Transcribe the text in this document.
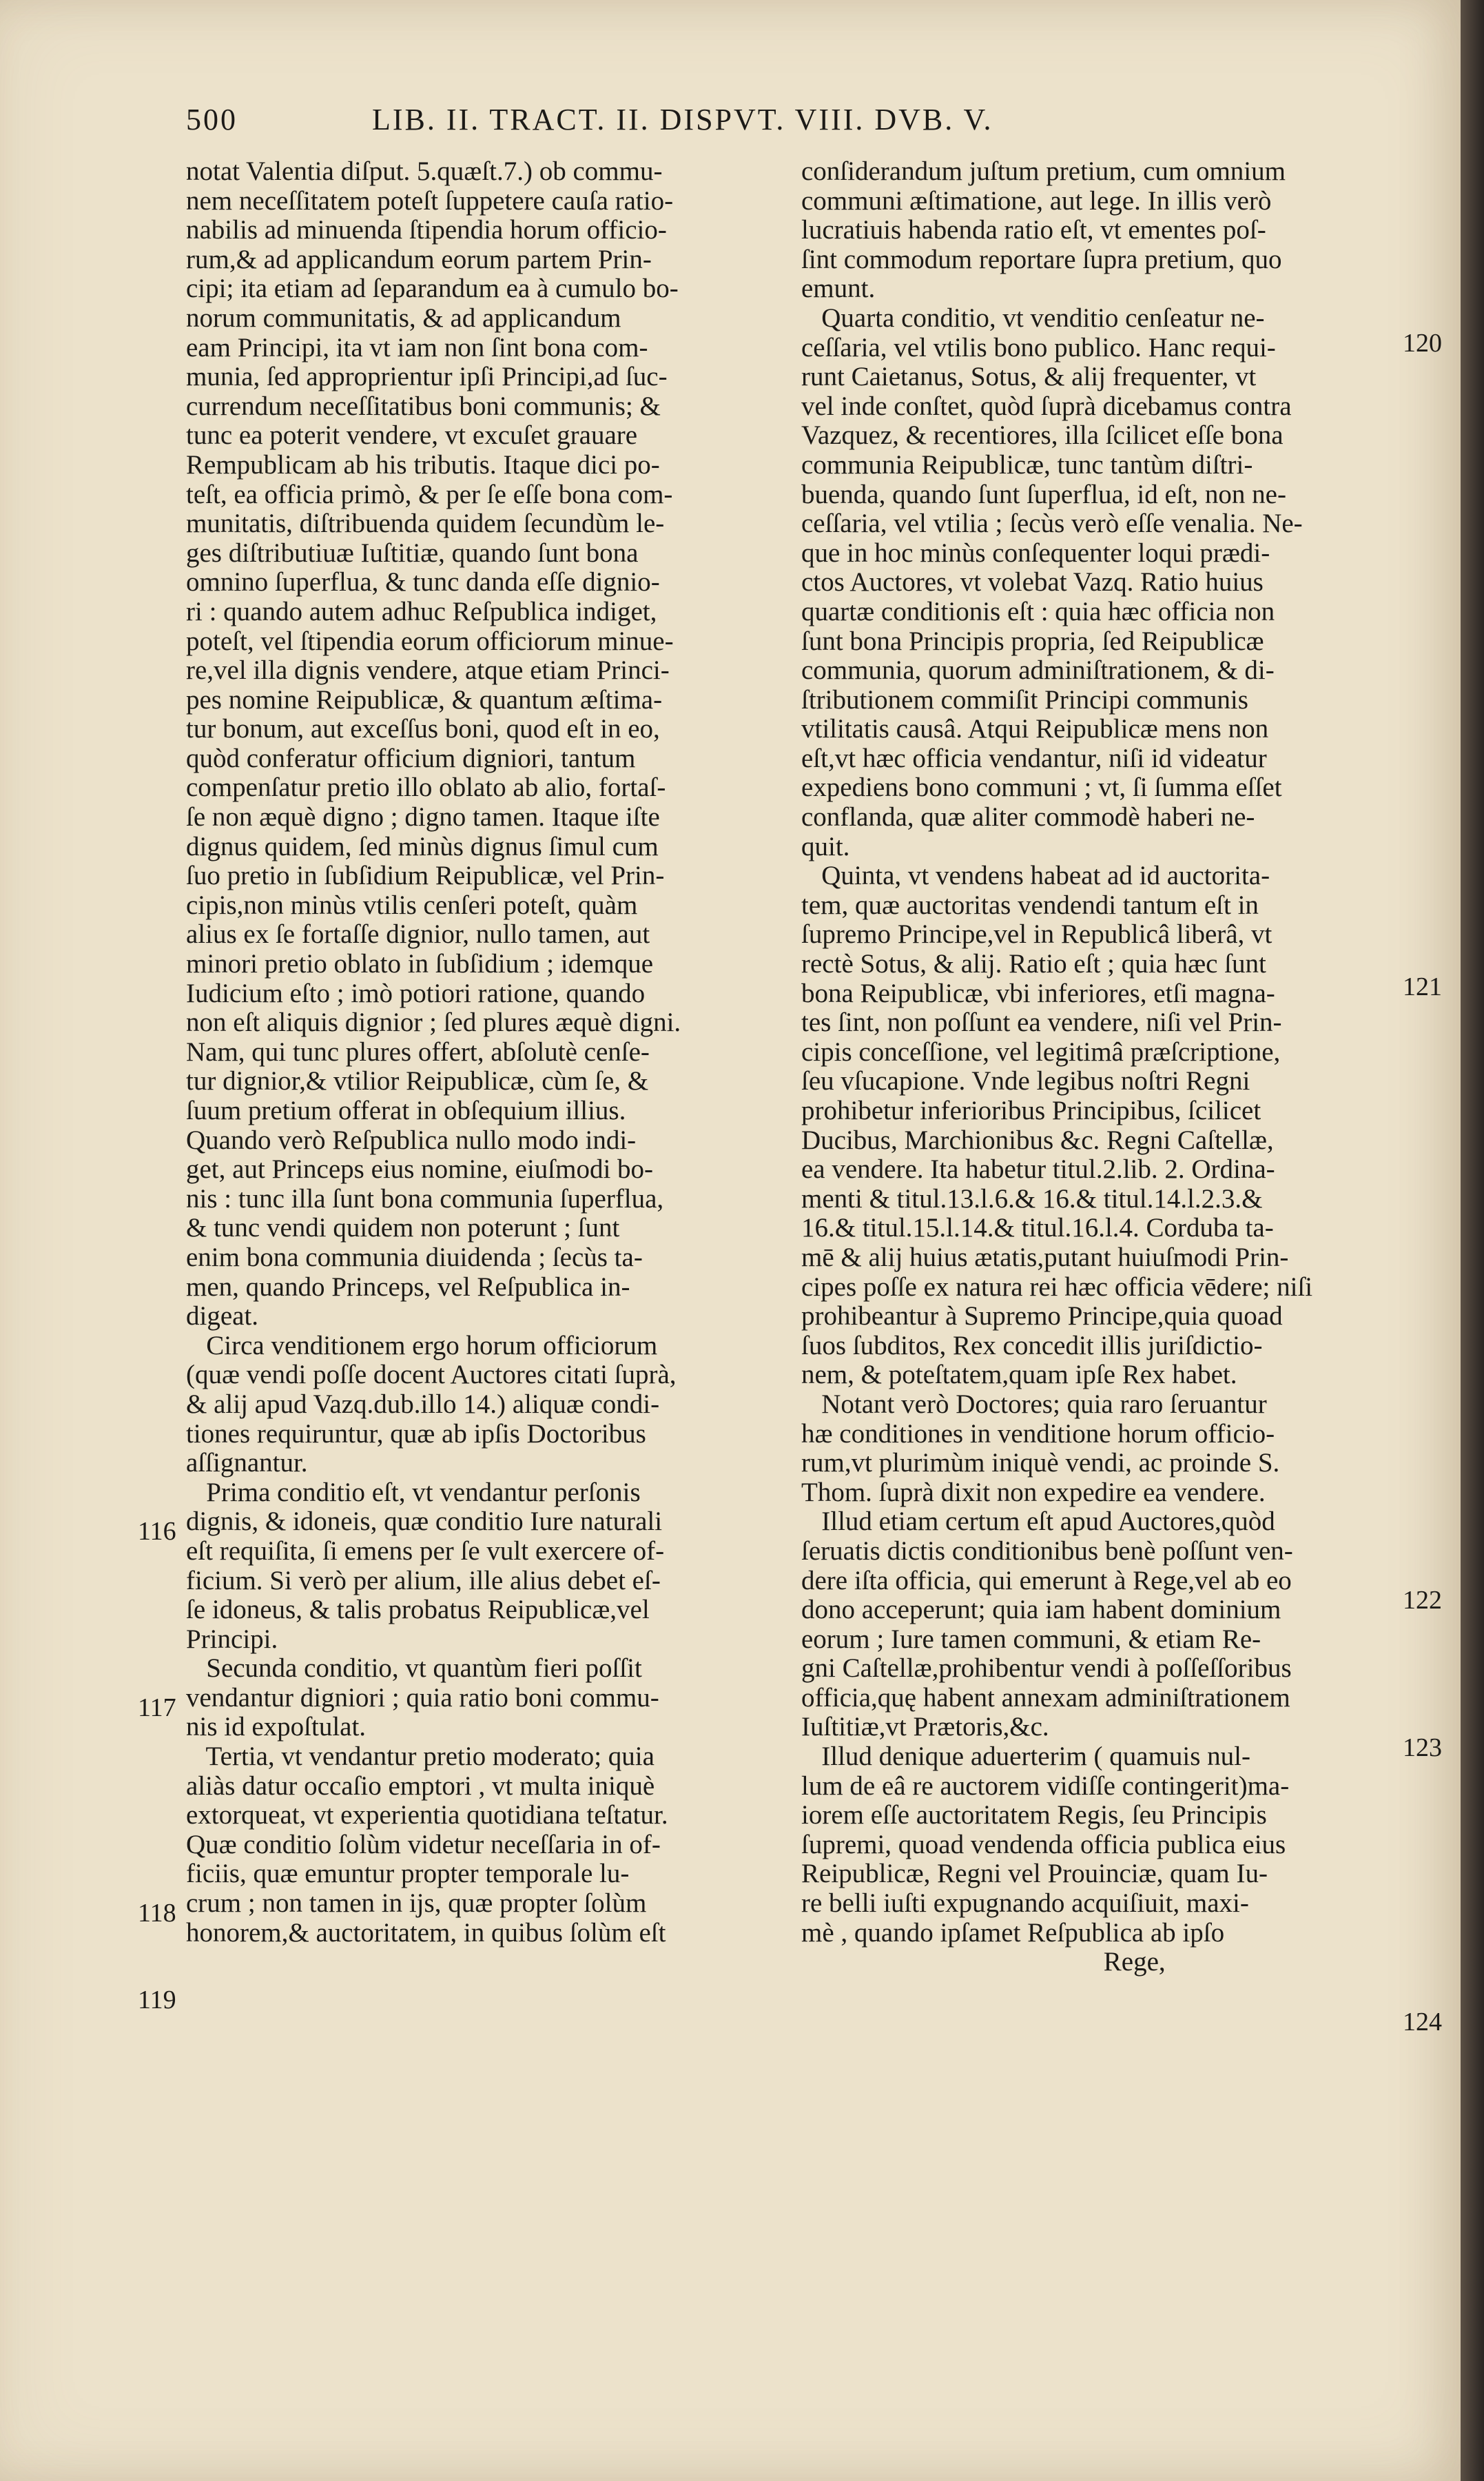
500	LIB. II. TRACT. II. DISPVT. VIII. DVB. V.
notat Valentia diſput. 5.quæſt.7.) ob commu-
nem neceſſitatem poteſt ſuppetere cauſa ratio-
nabilis ad minuenda ſtipendia horum officio-
rum,& ad applicandum eorum partem Prin-
cipi; ita etiam ad ſeparandum ea à cumulo bo-
norum communitatis, & ad applicandum
eam Principi, ita vt iam non ſint bona com-
munia, ſed approprientur ipſi Principi,ad ſuc-
currendum neceſſitatibus boni communis; &
tunc ea poterit vendere, vt excuſet grauare
Rempublicam ab his tributis. Itaque dici po-
teſt, ea officia primò, & per ſe eſſe bona com-
munitatis, diſtribuenda quidem ſecundùm le-
ges diſtributiuæ Iuſtitiæ, quando ſunt bona
omnino ſuperflua, & tunc danda eſſe dignio-
ri : quando autem adhuc Reſpublica indiget,
poteſt, vel ſtipendia eorum officiorum minue-
re,vel illa dignis vendere, atque etiam Princi-
pes nomine Reipublicæ, & quantum æſtima-
tur bonum, aut exceſſus boni, quod eſt in eo,
quòd conferatur officium digniori, tantum
compenſatur pretio illo oblato ab alio, fortaſ-
ſe non æquè digno ; digno tamen. Itaque iſte
dignus quidem, ſed minùs dignus ſimul cum
ſuo pretio in ſubſidium Reipublicæ, vel Prin-
cipis,non minùs vtilis cenſeri poteſt, quàm
alius ex ſe fortaſſe dignior, nullo tamen, aut
minori pretio oblato in ſubſidium ; idemque
Iudicium eſto ; imò potiori ratione, quando
non eſt aliquis dignior ; ſed plures æquè digni.
Nam, qui tunc plures offert, abſolutè cenſe-
tur dignior,& vtilior Reipublicæ, cùm ſe, &
ſuum pretium offerat in obſequium illius.
Quando verò Reſpublica nullo modo indi-
get, aut Princeps eius nomine, eiuſmodi bo-
nis : tunc illa ſunt bona communia ſuperflua,
& tunc vendi quidem non poterunt ; ſunt
enim bona communia diuidenda ; ſecùs ta-
men, quando Princeps, vel Reſpublica in-
digeat.
Circa venditionem ergo horum officiorum
(quæ vendi poſſe docent Auctores citati ſuprà,
& alij apud Vazq.dub.illo 14.) aliquæ condi-
tiones requiruntur, quæ ab ipſis Doctoribus
aſſignantur.
Prima conditio eſt, vt vendantur perſonis
dignis, & idoneis, quæ conditio Iure naturali
eſt requiſita, ſi emens per ſe vult exercere of-
ficium. Si verò per alium, ille alius debet eſ-
ſe idoneus, & talis probatus Reipublicæ,vel
Principi.
Secunda conditio, vt quantùm fieri poſſit
vendantur digniori ; quia ratio boni commu-
nis id expoſtulat.
Tertia, vt vendantur pretio moderato; quia
aliàs datur occaſio emptori , vt multa iniquè
extorqueat, vt experientia quotidiana teſtatur.
Quæ conditio ſolùm videtur neceſſaria in of-
ficiis, quæ emuntur propter temporale lu-
crum ; non tamen in ijs, quæ propter ſolùm
honorem,& auctoritatem, in quibus ſolùm eſt
conſiderandum juſtum pretium, cum omnium
communi æſtimatione, aut lege. In illis verò
lucratiuis habenda ratio eſt, vt ementes poſ-
ſint commodum reportare ſupra pretium, quo
emunt.
Quarta conditio, vt venditio cenſeatur ne-
ceſſaria, vel vtilis bono publico. Hanc requi-
runt Caietanus, Sotus, & alij frequenter, vt
vel inde conſtet, quòd ſuprà dicebamus contra
Vazquez, & recentiores, illa ſcilicet eſſe bona
communia Reipublicæ, tunc tantùm diſtri-
buenda, quando ſunt ſuperflua, id eſt, non ne-
ceſſaria, vel vtilia ; ſecùs verò eſſe venalia. Ne-
que in hoc minùs conſequenter loqui prædi-
ctos Auctores, vt volebat Vazq. Ratio huius
quartæ conditionis eſt : quia hæc officia non
ſunt bona Principis propria, ſed Reipublicæ
communia, quorum adminiſtrationem, & di-
ſtributionem commiſit Principi communis
vtilitatis causâ. Atqui Reipublicæ mens non
eſt,vt hæc officia vendantur, niſi id videatur
expediens bono communi ; vt, ſi ſumma eſſet
conflanda, quæ aliter commodè haberi ne-
quit.
Quinta, vt vendens habeat ad id auctorita-
tem, quæ auctoritas vendendi tantum eſt in
ſupremo Principe,vel in Republicâ liberâ, vt
rectè Sotus, & alij. Ratio eſt ; quia hæc ſunt
bona Reipublicæ, vbi inferiores, etſi magna-
tes ſint, non poſſunt ea vendere, niſi vel Prin-
cipis conceſſione, vel legitimâ præſcriptione,
ſeu vſucapione. Vnde legibus noſtri Regni
prohibetur inferioribus Principibus, ſcilicet
Ducibus, Marchionibus &c. Regni Caſtellæ,
ea vendere. Ita habetur titul.2.lib. 2. Ordina-
menti & titul.13.l.6.& 16.& titul.14.l.2.3.&
16.& titul.15.l.14.& titul.16.l.4. Corduba ta-
mē & alij huius ætatis,putant huiuſmodi Prin-
cipes poſſe ex natura rei hæc officia vēdere; niſi
prohibeantur à Supremo Principe,quia quoad
ſuos ſubditos, Rex concedit illis juriſdictio-
nem, & poteſtatem,quam ipſe Rex habet.
Notant verò Doctores; quia raro ſeruantur
hæ conditiones in venditione horum officio-
rum,vt plurimùm iniquè vendi, ac proinde S.
Thom. ſuprà dixit non expedire ea vendere.
Illud etiam certum eſt apud Auctores,quòd
ſeruatis dictis conditionibus benè poſſunt ven-
dere iſta officia, qui emerunt à Rege,vel ab eo
dono acceperunt; quia iam habent dominium
eorum ; Iure tamen communi, & etiam Re-
gni Caſtellæ,prohibentur vendi à poſſeſſoribus
officia,quę habent annexam adminiſtrationem
Iuſtitiæ,vt Prætoris,&c.
Illud denique aduerterim ( quamuis nul-
lum de eâ re auctorem vidiſſe contingerit)ma-
iorem eſſe auctoritatem Regis, ſeu Principis
ſupremi, quoad vendenda officia publica eius
Reipublicæ, Regni vel Prouinciæ, quam Iu-
re belli iuſti expugnando acquiſiuit, maxi-
mè , quando ipſamet Reſpublica ab ipſo
Rege,
116
117
118
119
120
121
122
123
124
